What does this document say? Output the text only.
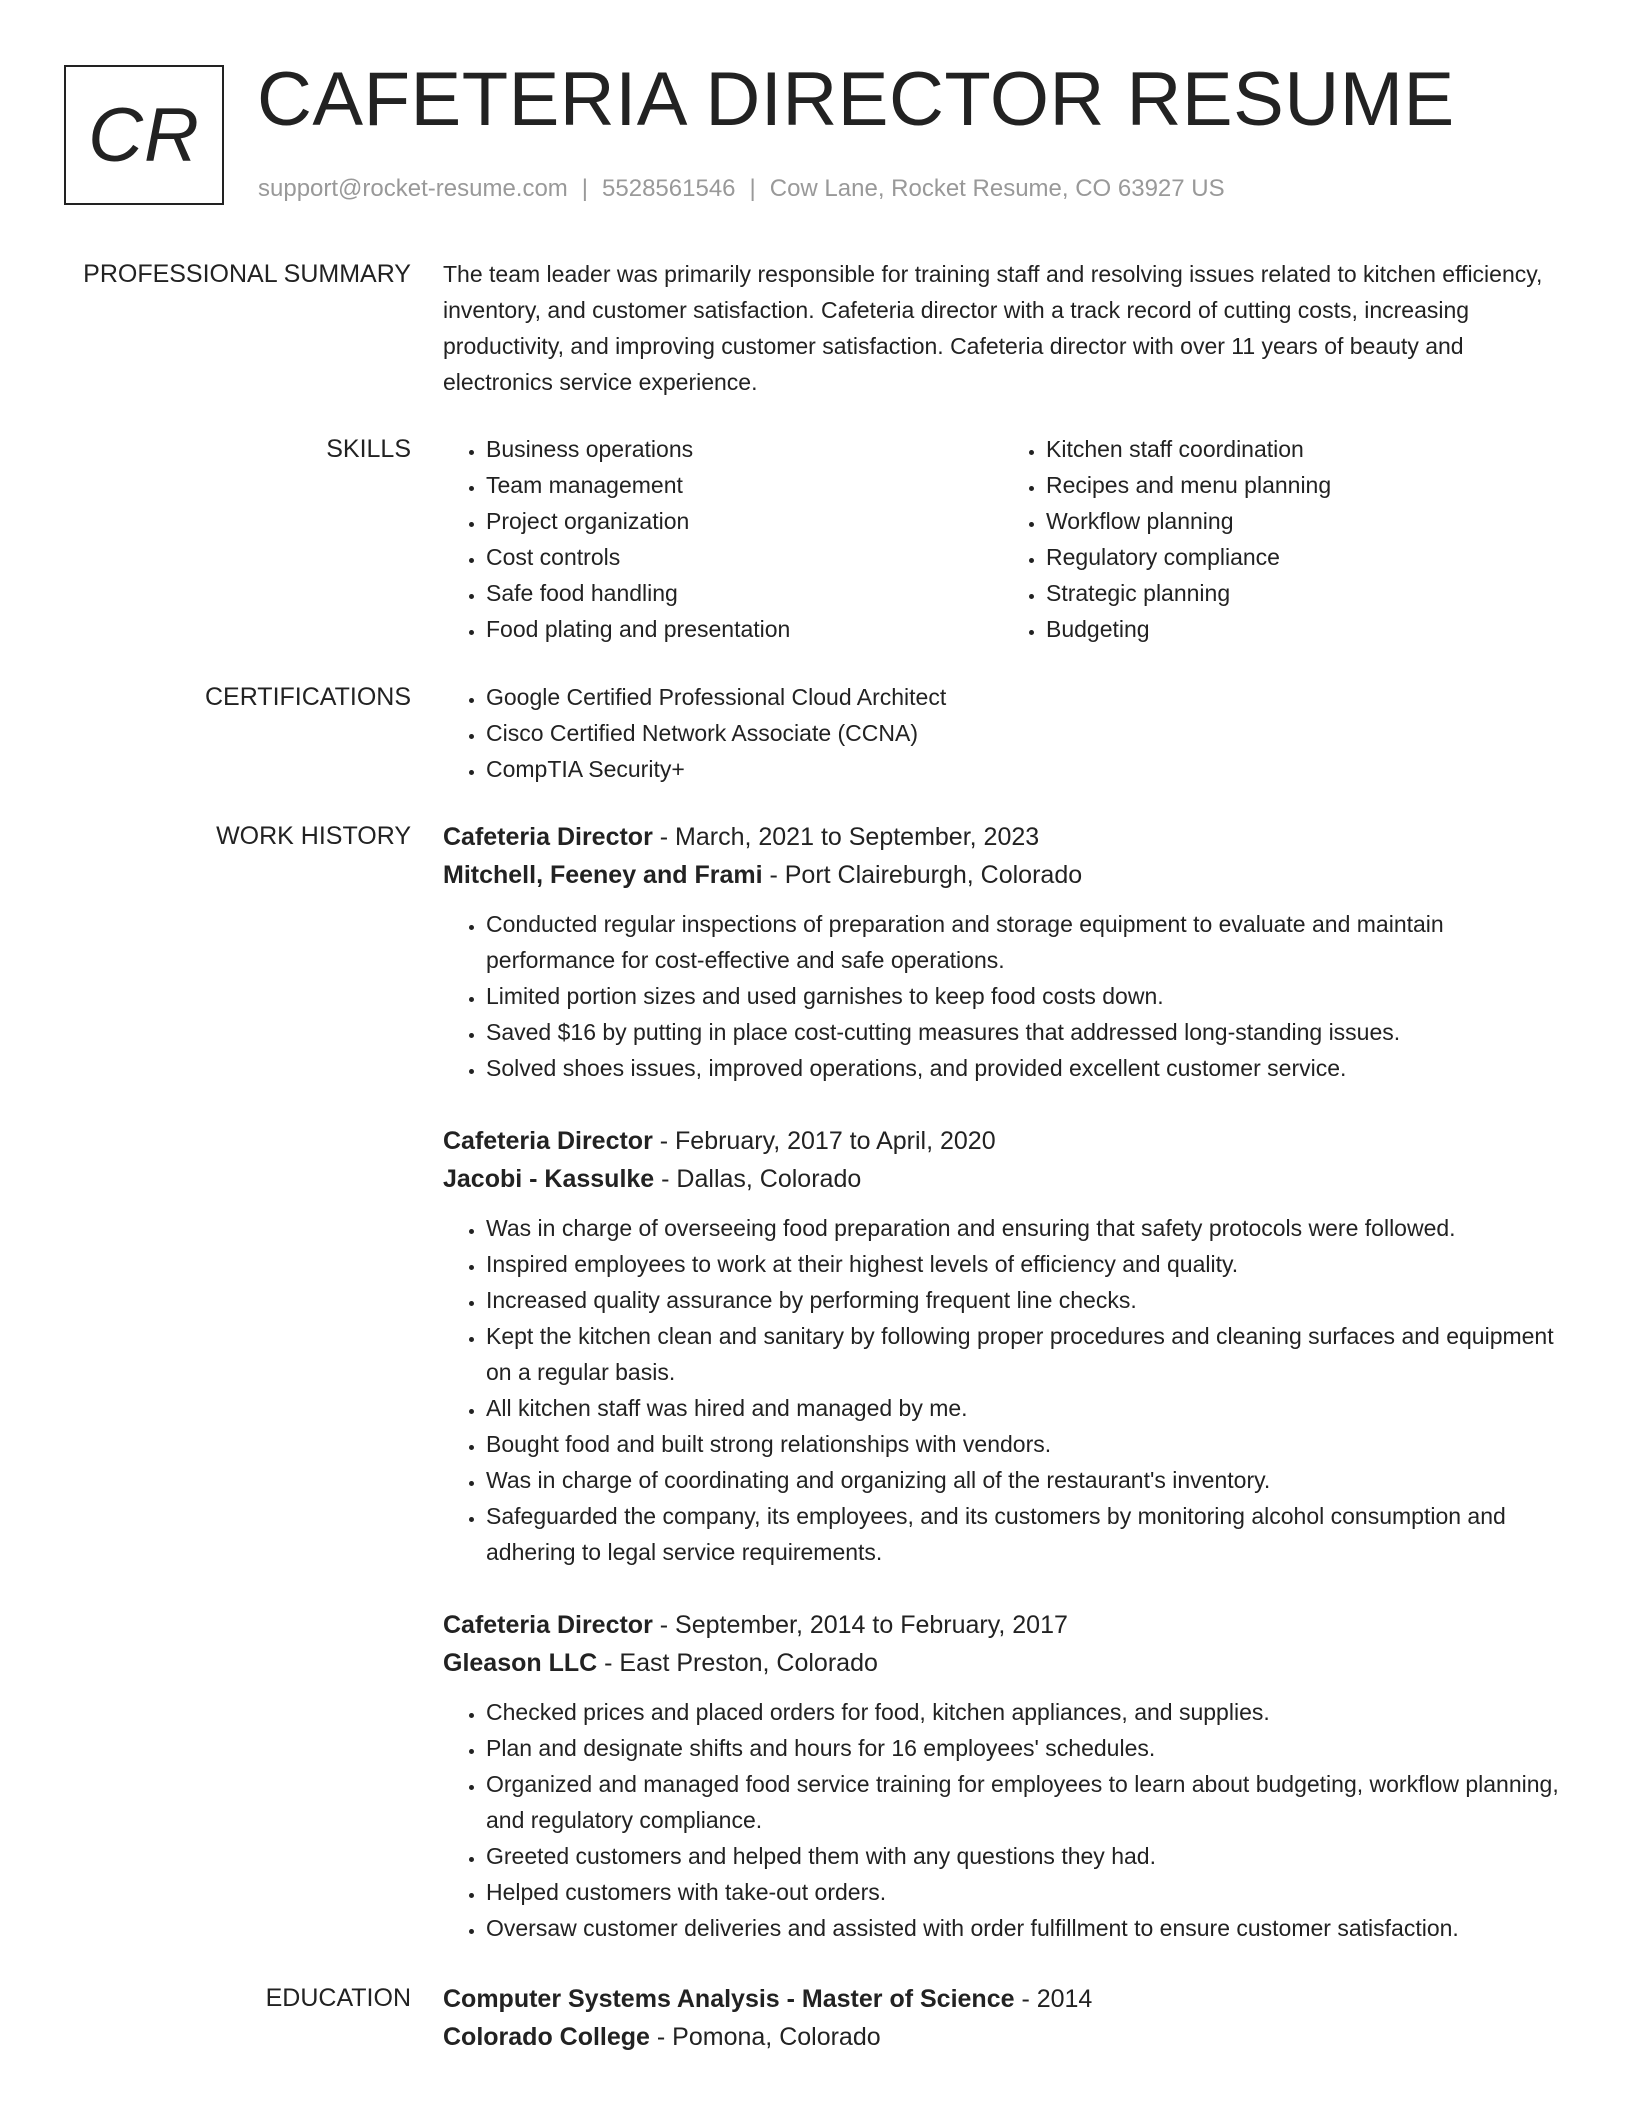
CR CAFETERIA DIRECTOR RESUME
support@rocket-resume.com | 5528561546 | Cow Lane, Rocket Resume, CO 63927 US
PROFESSIONAL SUMMARY The team leader was primarily responsible for training staff and resolving issues related to kitchen efficiency, inventory, and customer satisfaction. Cafeteria director with a track record of cutting costs, increasing productivity, and improving customer satisfaction. Cafeteria director with over 11 years of beauty and electronics service experience.

SKILLS	• Business operations
• Team management
• Project organization
• Cost controls
• Safe food handling
• Food plating and presentation
• Kitchen staff coordination
• Recipes and menu planning
• Workflow planning
• Regulatory compliance
• Strategic planning
• Budgeting
CERTIFICATIONS	• Google Certified Professional Cloud Architect
• Cisco Certified Network Associate (CCNA)
• CompTIA Security+
WORK HISTORY Cafeteria Director - March, 2021 to September, 2023

Mitchell, Feeney and Frami - Port Claireburgh, Colorado

• Conducted regular inspections of preparation and storage equipment to evaluate and maintain performance for cost-effective and safe operations.
• Limited portion sizes and used garnishes to keep food costs down.
• Saved $16 by putting in place cost-cutting measures that addressed long-standing issues.
• Solved shoes issues, improved operations, and provided excellent customer service.

Cafeteria Director - February, 2017 to April, 2020

Jacobi - Kassulke - Dallas, Colorado

• Was in charge of overseeing food preparation and ensuring that safety protocols were followed.
• Inspired employees to work at their highest levels of efficiency and quality.
• Increased quality assurance by performing frequent line checks.
• Kept the kitchen clean and sanitary by following proper procedures and cleaning surfaces and equipment on a regular basis.
• All kitchen staff was hired and managed by me.
• Bought food and built strong relationships with vendors.
• Was in charge of coordinating and organizing all of the restaurant's inventory.
• Safeguarded the company, its employees, and its customers by monitoring alcohol consumption and adhering to legal service requirements.

Cafeteria Director - September, 2014 to February, 2017

Gleason LLC - East Preston, Colorado

• Checked prices and placed orders for food, kitchen appliances, and supplies.
• Plan and designate shifts and hours for 16 employees' schedules.
• Organized and managed food service training for employees to learn about budgeting, workflow planning, and regulatory compliance.
• Greeted customers and helped them with any questions they had.
• Helped customers with take-out orders.
• Oversaw customer deliveries and assisted with order fulfillment to ensure customer satisfaction.
EDUCATION Computer Systems Analysis - Master of Science - 2014

Colorado College - Pomona, Colorado
